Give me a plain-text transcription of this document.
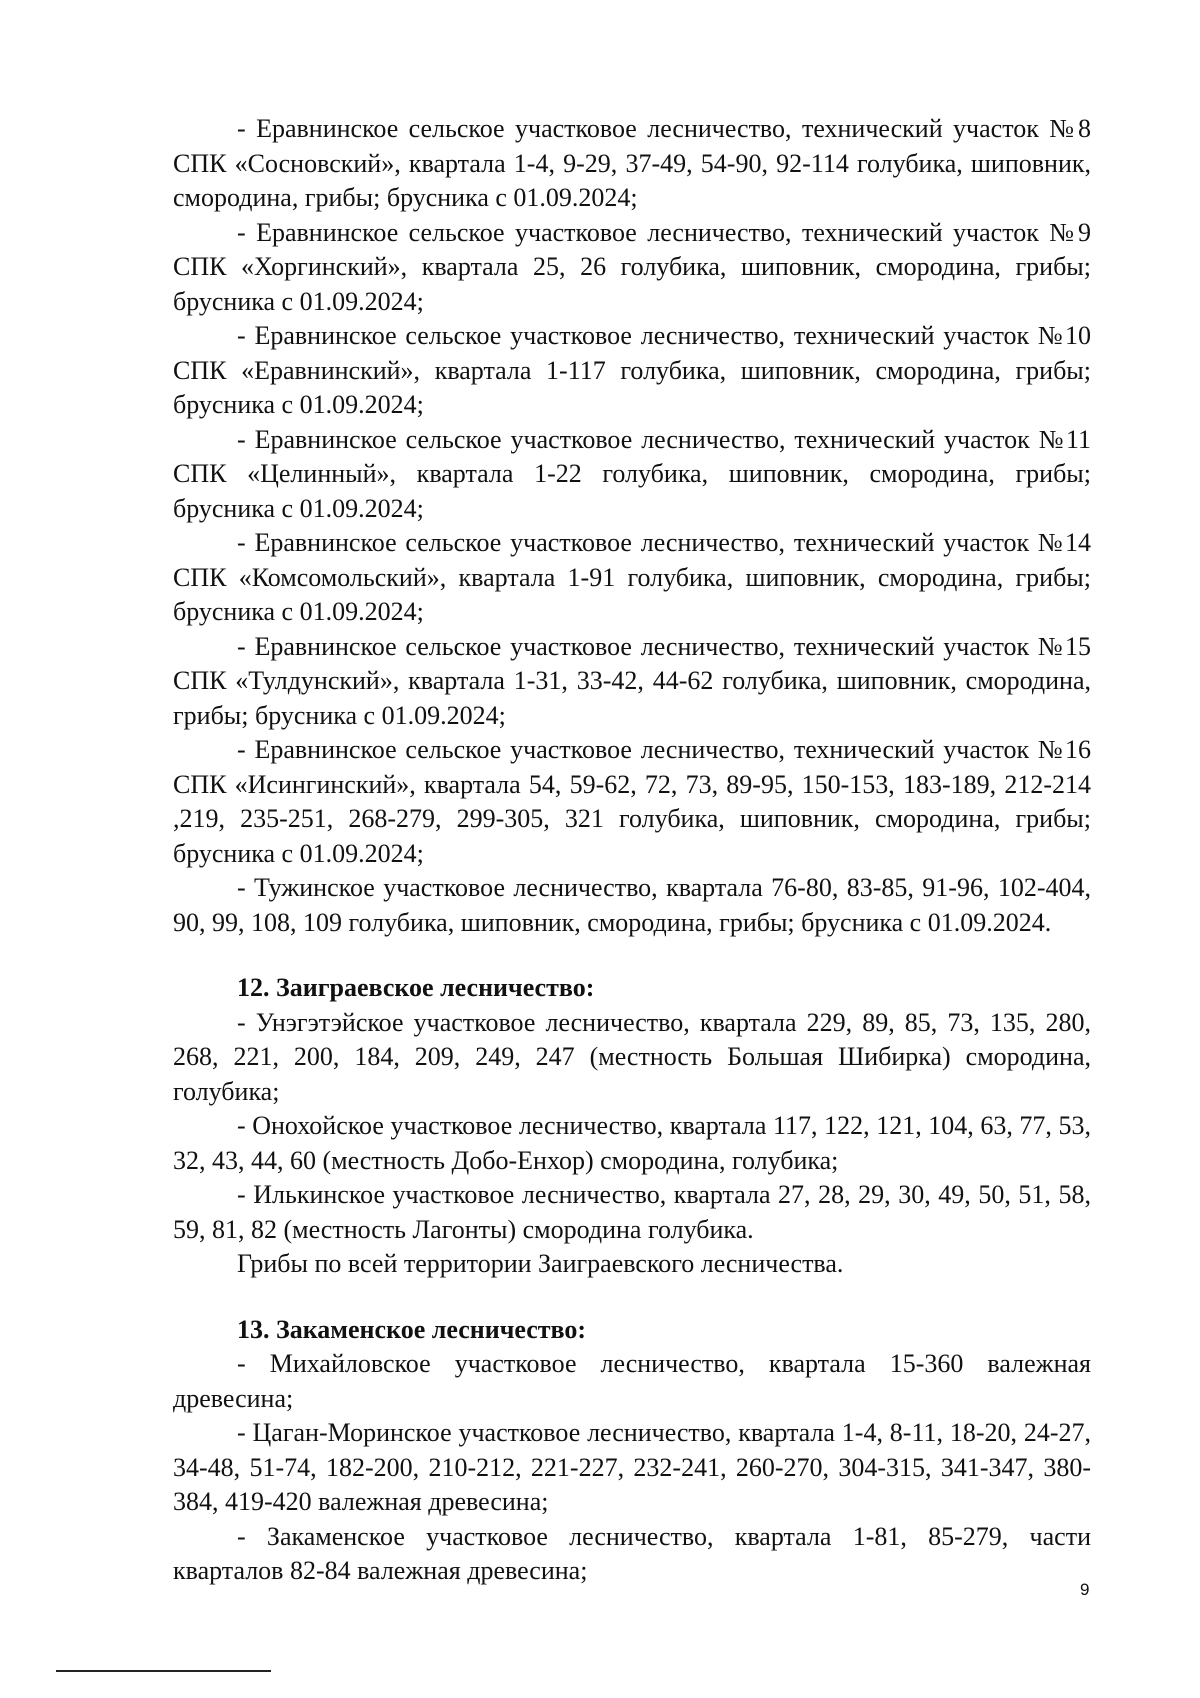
- Еравнинское сельское участковое лесничество, технический участок №8 СПК «Сосновский», квартала 1-4, 9-29, 37-49, 54-90, 92-114 голубика, шиповник, смородина, грибы; брусника с 01.09.2024;

- Еравнинское сельское участковое лесничество, технический участок №9 СПК «Хоргинский», квартала 25, 26 голубика, шиповник, смородина, грибы; брусника с 01.09.2024;

- Еравнинское сельское участковое лесничество, технический участок №10 СПК «Еравнинский», квартала 1-117 голубика, шиповник, смородина, грибы; брусника с 01.09.2024;

- Еравнинское сельское участковое лесничество, технический участок №11 СПК «Целинный», квартала 1-22 голубика, шиповник, смородина, грибы; брусника с 01.09.2024;

- Еравнинское сельское участковое лесничество, технический участок №14 СПК «Комсомольский», квартала 1-91 голубика, шиповник, смородина, грибы; брусника с 01.09.2024;

- Еравнинское сельское участковое лесничество, технический участок №15 СПК «Тулдунский», квартала 1-31, 33-42, 44-62 голубика, шиповник, смородина, грибы; брусника с 01.09.2024;

- Еравнинское сельское участковое лесничество, технический участок №16 СПК «Исингинский», квартала 54, 59-62, 72, 73, 89-95, 150-153, 183-189, 212-214 ,219, 235-251, 268-279, 299-305, 321 голубика, шиповник, смородина, грибы; брусника с 01.09.2024;

- Тужинское участковое лесничество, квартала 76-80, 83-85, 91-96, 102-404, 90, 99, 108, 109 голубика, шиповник, смородина, грибы; брусника с 01.09.2024.

12. Заиграевское лесничество:

- Унэгэтэйское участковое лесничество, квартала 229, 89, 85, 73, 135, 280, 268, 221, 200, 184, 209, 249, 247 (местность Большая Шибирка) смородина, голубика;

- Онохойское участковое лесничество, квартала 117, 122, 121, 104, 63, 77, 53, 32, 43, 44, 60 (местность Добо-Енхор) смородина, голубика;

- Илькинское участковое лесничество, квартала 27, 28, 29, 30, 49, 50, 51, 58, 59, 81, 82 (местность Лагонты) смородина голубика.

Грибы по всей территории Заиграевского лесничества.

13. Закаменское лесничество:

- Михайловское участковое лесничество, квартала 15-360 валежная древесина;

- Цаган-Моринское участковое лесничество, квартала 1-4, 8-11, 18-20, 24-27, 34-48, 51-74, 182-200, 210-212, 221-227, 232-241, 260-270, 304-315, 341-347, 380-384, 419-420 валежная древесина;

- Закаменское участковое лесничество, квартала 1-81, 85-279, части кварталов 82-84 валежная древесина;

9
